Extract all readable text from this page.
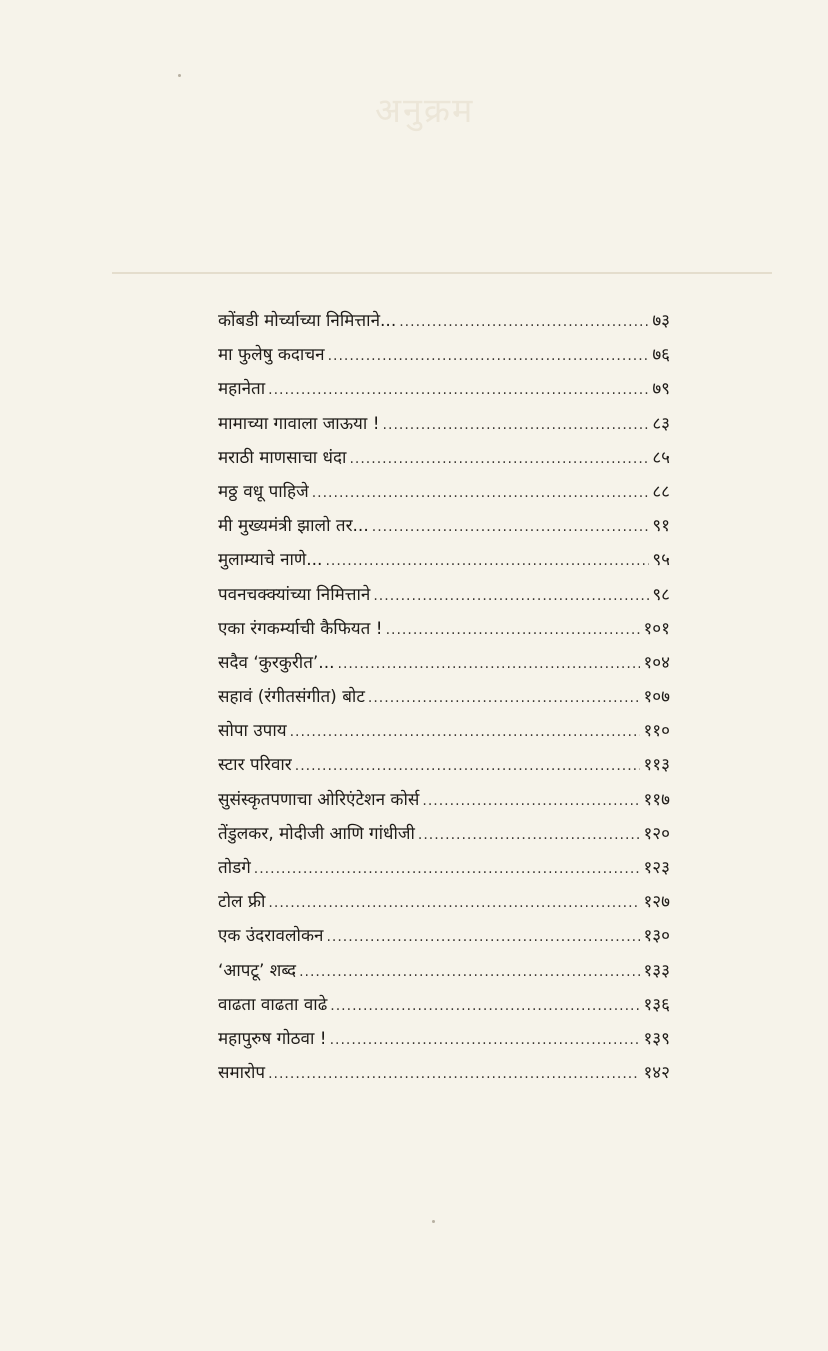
अनुक्रम
कोंबडी मोर्च्याच्या निमित्ताने... .....	७३
मा फुलेषु कदाचन .....	७६
महानेता .....	७९
मामाच्या गावाला जाऊया ! .....	८३
मराठी माणसाचा धंदा .....	८५
मठ्ठ वधू पाहिजे .....	८८
मी मुख्यमंत्री झालो तर... .....	९१
मुलाम्याचे नाणे... .....	९५
पवनचक्क्यांच्या निमित्ताने .....	९८
एका रंगकर्म्याची कैफियत ! .....	१०१
सदैव ‘कुरकुरीत’... .....	१०४
सहावं (रंगीतसंगीत) बोट .....	१०७
सोपा उपाय .....	११०
स्टार परिवार .....	११३
सुसंस्कृतपणाचा ओरिएंटेशन कोर्स .....	११७
तेंडुलकर, मोदीजी आणि गांधीजी .....	१२०
तोडगे .....	१२३
टोल फ्री .....	१२७
एक उंदरावलोकन .....	१३०
‘आपटू’ शब्द .....	१३३
वाढता वाढता वाढे .....	१३६
महापुरुष गोठवा ! .....	१३९
समारोप .....	१४२
